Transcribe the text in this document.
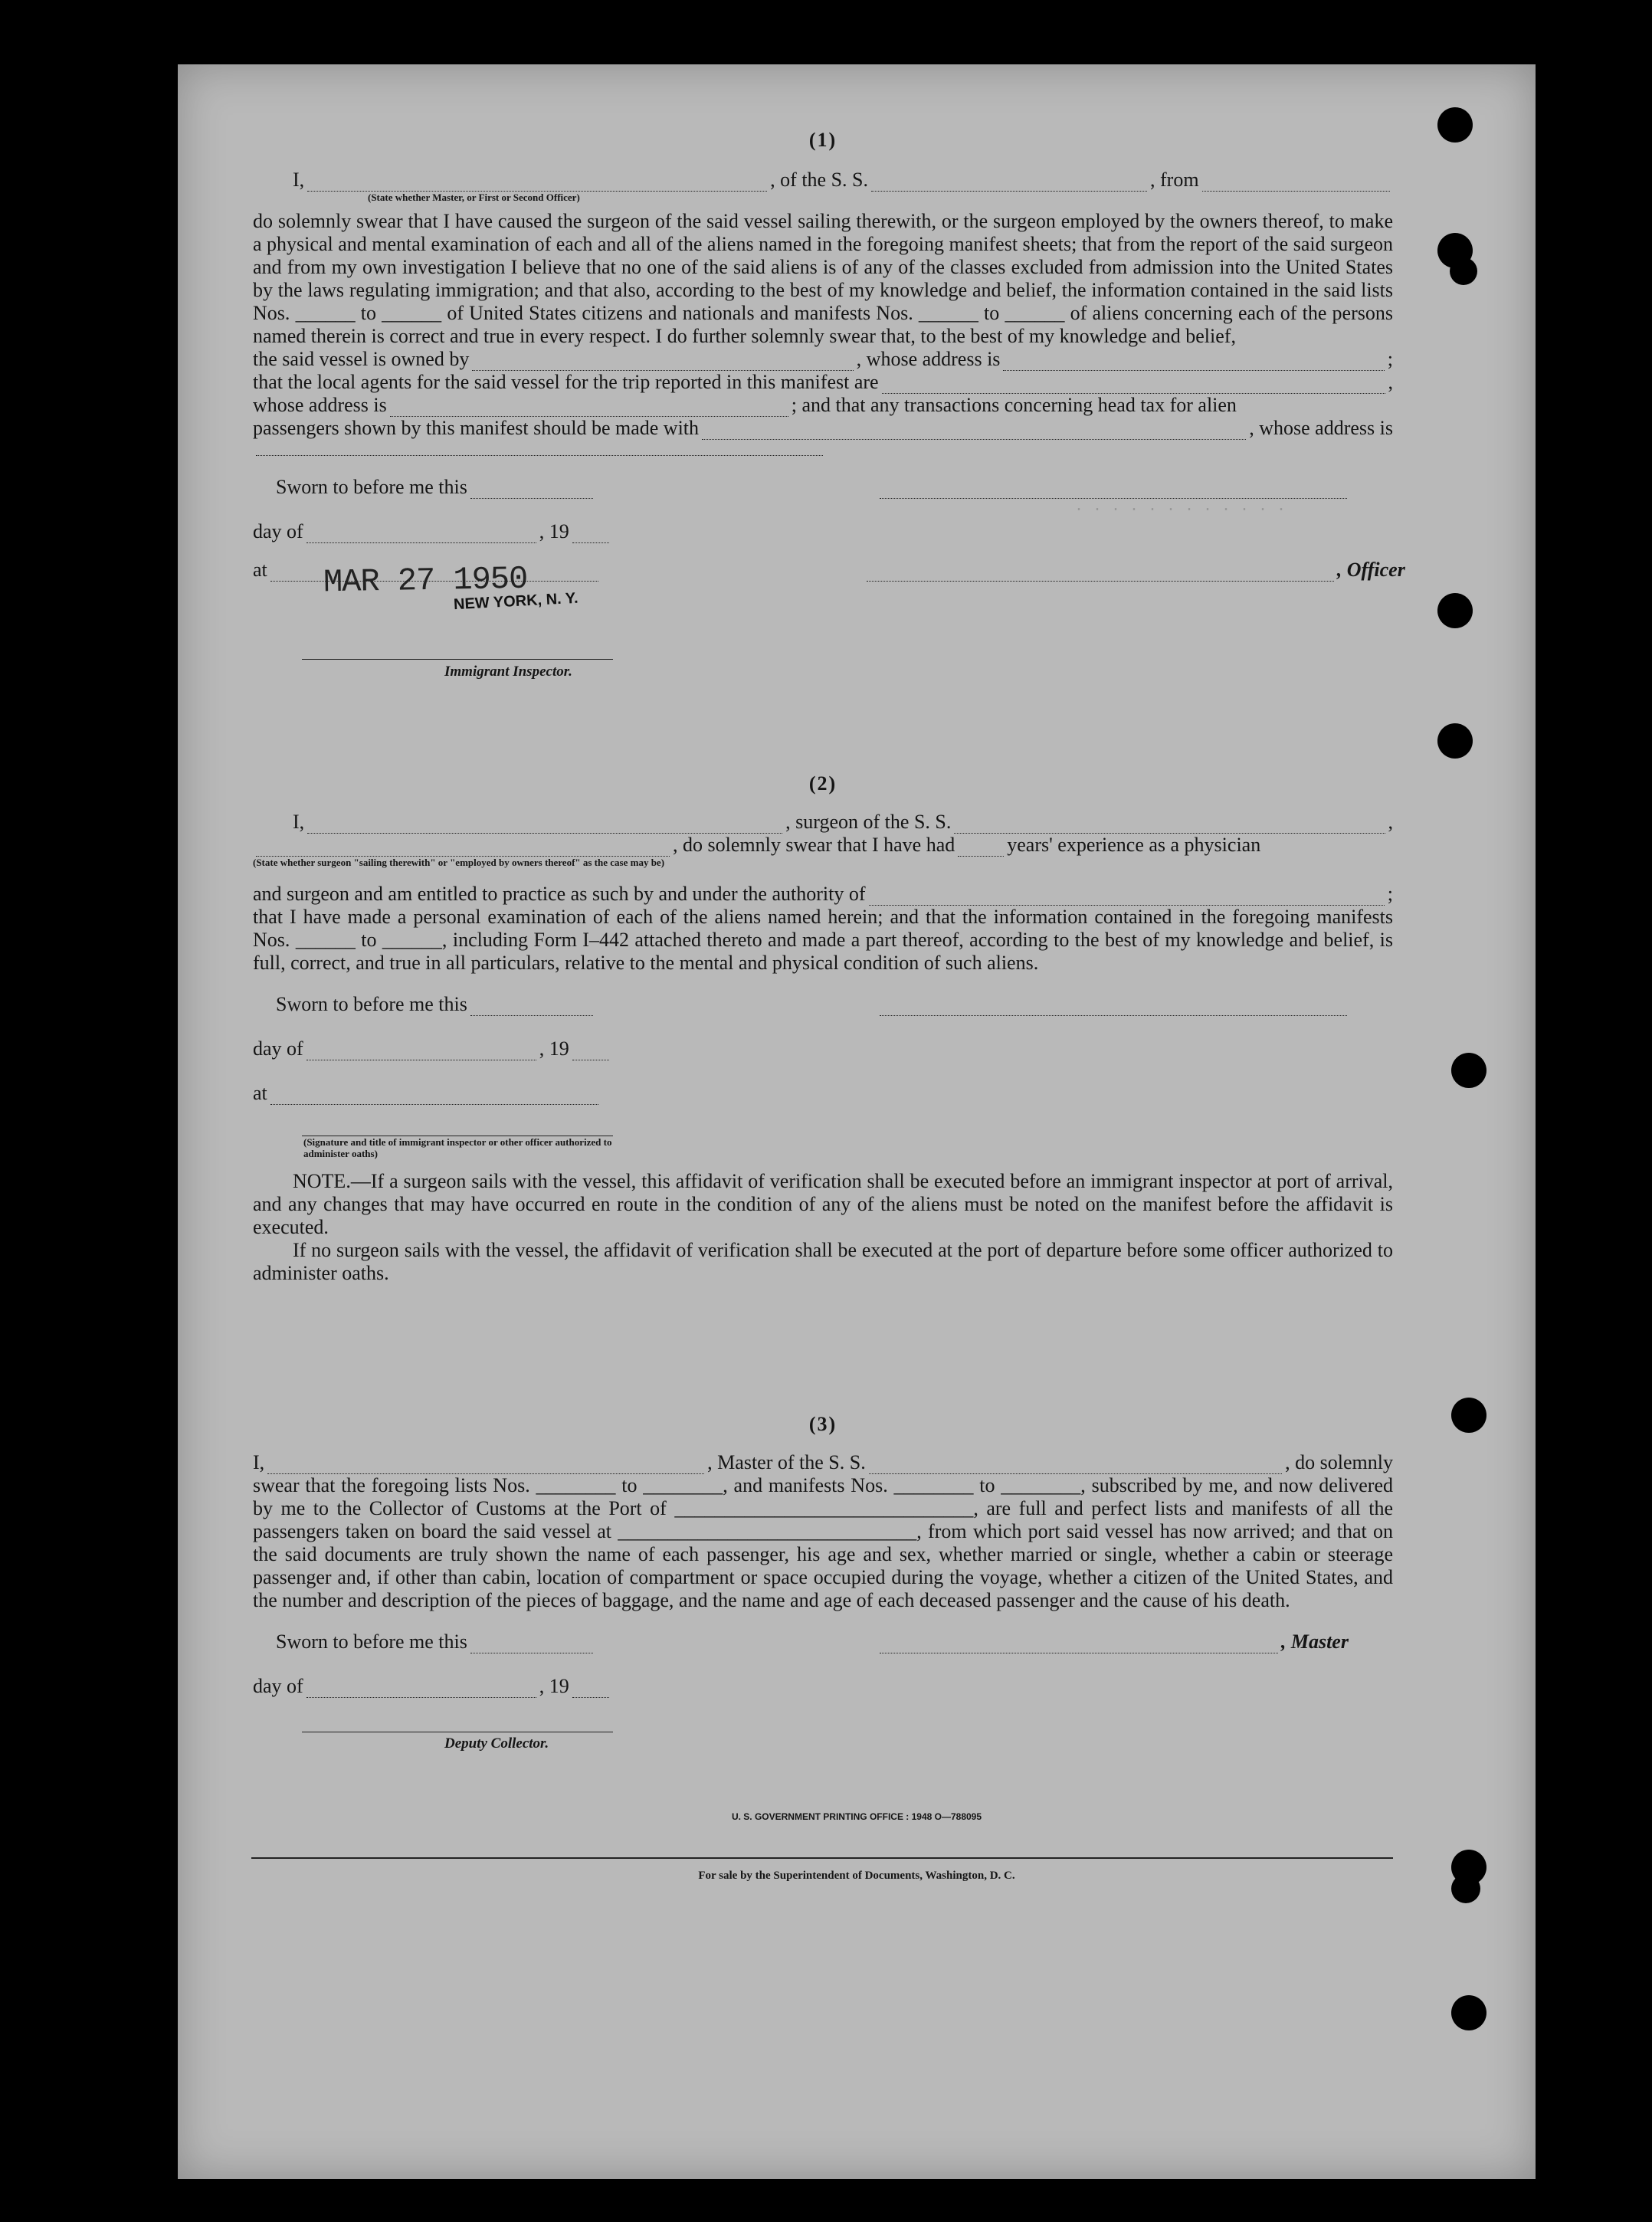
· · · · · · · · · · · ·

(1)

I,	, of the S. S.	, from
(State whether Master, or First or Second Officer)

do solemnly swear that I have caused the surgeon of the said vessel sailing therewith, or the surgeon employed by the owners thereof, to make a physical and mental examination of each and all of the aliens named in the foregoing manifest sheets; that from the report of the said surgeon and from my own investigation I believe that no one of the said aliens is of any of the classes excluded from admission into the United States by the laws regulating immigration; and that also, according to the best of my knowledge and belief, the information contained in the said lists Nos. ______ to ______ of United States citizens and nationals and manifests Nos. ______ to ______ of aliens concerning each of the persons named therein is correct and true in every respect. I do further solemnly swear that, to the best of my knowledge and belief,

the said vessel is owned by	, whose address is	;
that the local agents for the said vessel for the trip reported in this manifest are	,
whose address is	; and that any transactions concerning head tax for alien
passengers shown by this manifest should be made with	, whose address is
Sworn to before me this
day of	, 19
at	, Officer
MAR 27 1950
NEW YORK, N. Y.
Immigrant Inspector.

(2)

I,	, surgeon of the S. S.	,
, do solemnly swear that I have had	years' experience as a physician
(State whether surgeon "sailing therewith" or "employed by owners thereof" as the case may be)
and surgeon and am entitled to practice as such by and under the authority of	;

that I have made a personal examination of each of the aliens named herein; and that the information contained in the foregoing manifests Nos. ______ to ______, including Form I–442 attached thereto and made a part thereof, according to the best of my knowledge and belief, is full, correct, and true in all particulars, relative to the mental and physical condition of such aliens.

Sworn to before me this
day of	, 19
at
(Signature and title of immigrant inspector or other officer authorized to administer oaths)

NOTE.—If a surgeon sails with the vessel, this affidavit of verification shall be executed before an immigrant inspector at port of arrival, and any changes that may have occurred en route in the condition of any of the aliens must be noted on the manifest before the affidavit is executed.

If no surgeon sails with the vessel, the affidavit of verification shall be executed at the port of departure before some officer authorized to administer oaths.

(3)

I,	, Master of the S. S.	, do solemnly

swear that the foregoing lists Nos. ________ to ________, and manifests Nos. ________ to ________, subscribed by me, and now delivered by me to the Collector of Customs at the Port of ______________________________, are full and perfect lists and manifests of all the passengers taken on board the said vessel at ______________________________, from which port said vessel has now arrived; and that on the said documents are truly shown the name of each passenger, his age and sex, whether married or single, whether a cabin or steerage passenger and, if other than cabin, location of compartment or space occupied during the voyage, whether a citizen of the United States, and the number and description of the pieces of baggage, and the name and age of each deceased passenger and the cause of his death.

Sworn to before me this	, Master
day of	, 19
Deputy Collector.
U. S. GOVERNMENT PRINTING OFFICE : 1948 O—788095
For sale by the Superintendent of Documents, Washington, D. C.
